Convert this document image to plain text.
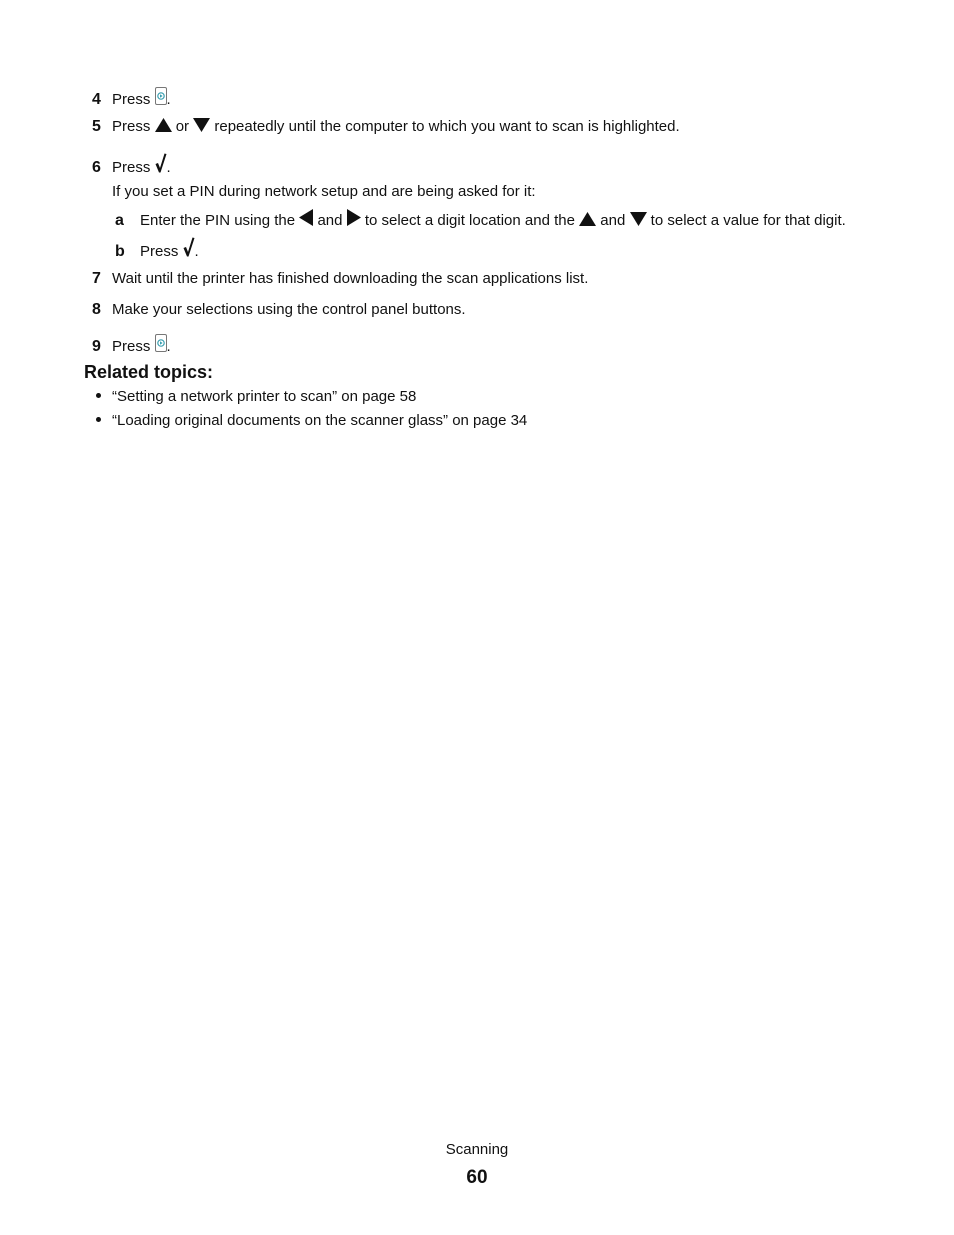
4 Press .
5 Press or repeatedly until the computer to which you want to scan is highlighted.
6 Press .
If you set a PIN during network setup and are being asked for it:
a Enter the PIN using the and to select a digit location and the and to select a value for that digit.
b Press .
7 Wait until the printer has finished downloading the scan applications list.
8 Make your selections using the control panel buttons.
9 Press .
Related topics:
“Setting a network printer to scan” on page 58
“Loading original documents on the scanner glass” on page 34
Scanning
60
